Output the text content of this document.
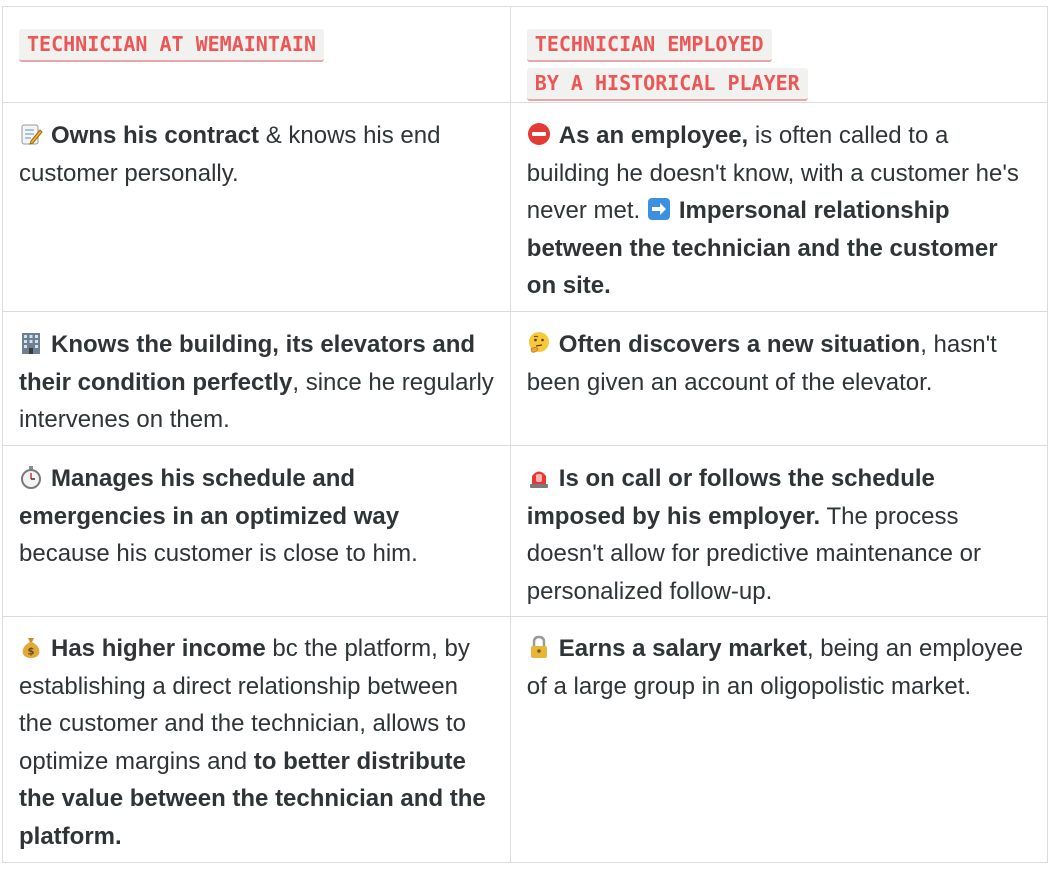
TECHNICIAN AT WEMAINTAIN	TECHNICIAN EMPLOYED
BY A HISTORICAL PLAYER

Owns his contract & knows his end customer personally.	As an employee, is often called to a building he doesn't know, with a customer he's never met.
Impersonal relationship between the technician and the customer on site.

Knows the building, its elevators and their condition perfectly, since he regularly intervenes on them.	Often discovers a new situation, hasn't been given an account of the elevator.

Manages his schedule and emergencies in an optimized way because his customer is close to him.	Is on call or follows the schedule imposed by his employer. The process doesn't allow for predictive maintenance or personalized follow-up.

$ Has higher income bc the platform, by establishing a direct relationship between the customer and the technician, allows to optimize margins and to better distribute the value between the technician and the platform.	Earns a salary market, being an employee of a large group in an oligopolistic market.
